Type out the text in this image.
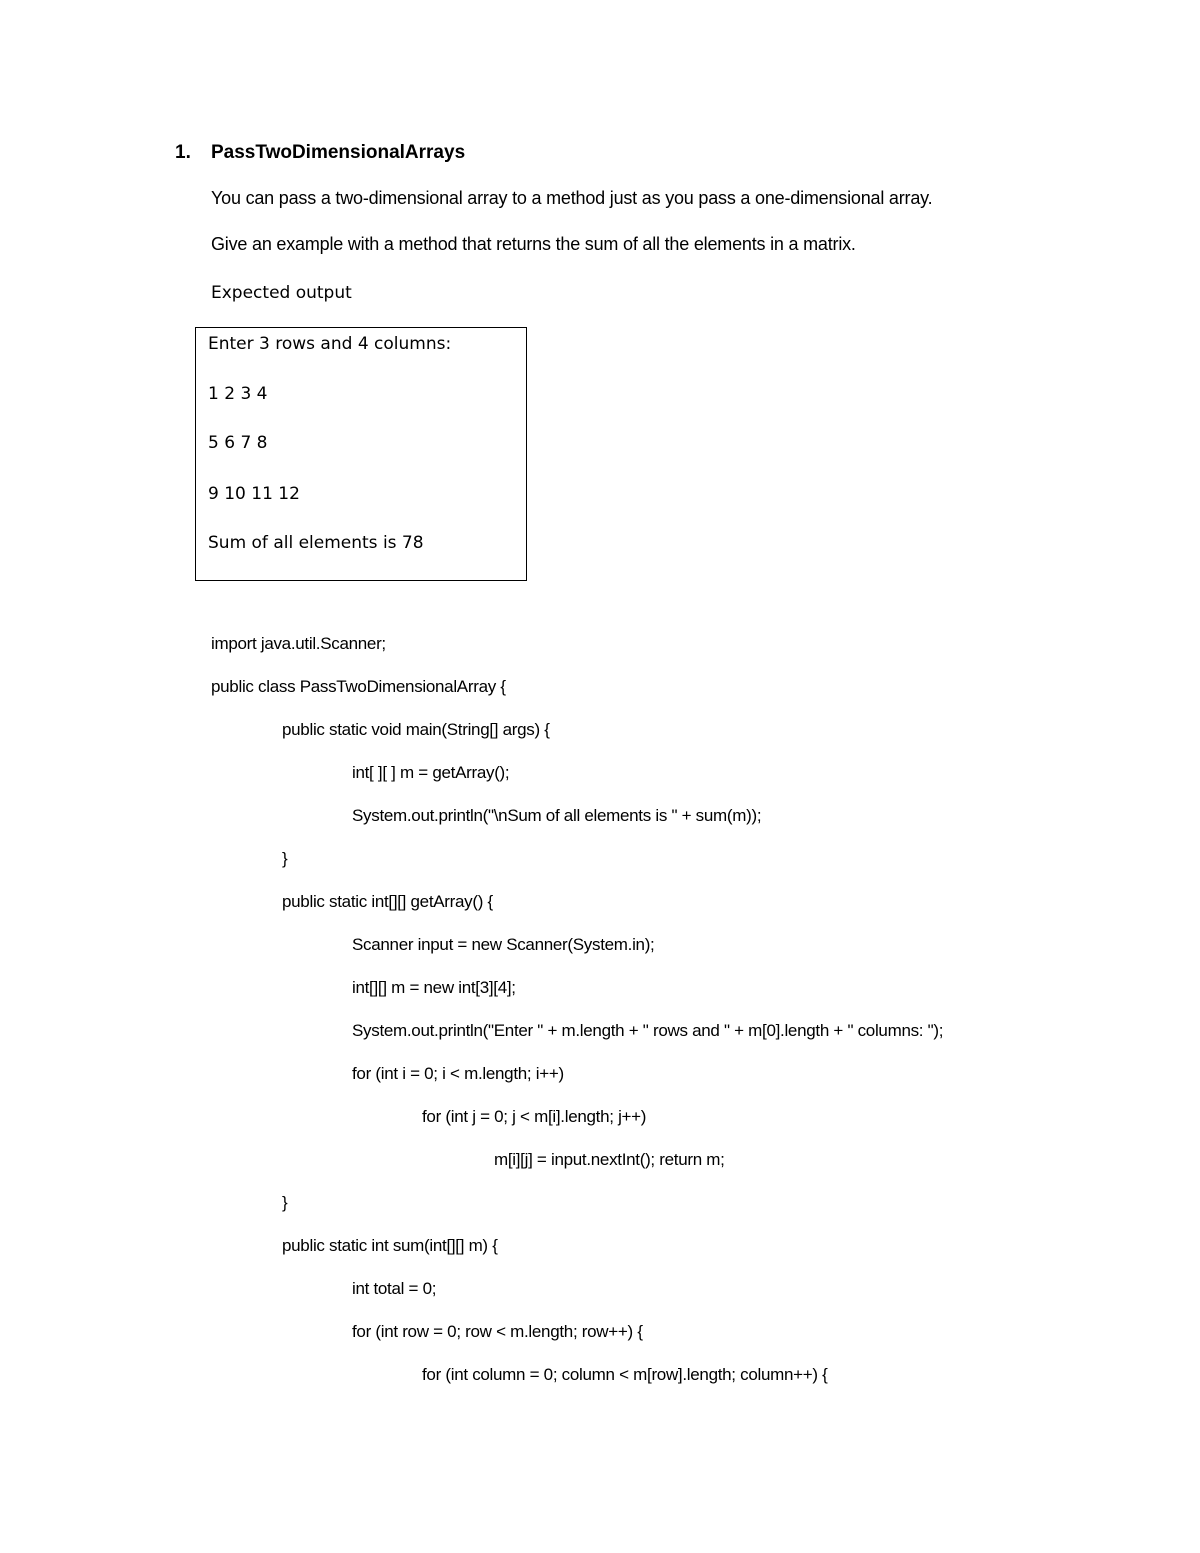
1. PassTwoDimensionalArrays
You can pass a two-dimensional array to a method just as you pass a one-dimensional array.
Give an example with a method that returns the sum of all the elements in a matrix.
Expected output
Enter 3 rows and 4 columns:
1 2 3 4
5 6 7 8
9 10 11 12
Sum of all elements is 78
import java.util.Scanner;
public class PassTwoDimensionalArray {
public static void main(String[] args) {
int[ ][ ] m = getArray();
System.out.println("\nSum of all elements is " + sum(m));
}
public static int[][] getArray() {
Scanner input = new Scanner(System.in);
int[][] m = new int[3][4];
System.out.println("Enter " + m.length + " rows and " + m[0].length + " columns: ");
for (int i = 0; i < m.length; i++)
for (int j = 0; j < m[i].length; j++)
m[i][j] = input.nextInt(); return m;
}
public static int sum(int[][] m) {
int total = 0;
for (int row = 0; row < m.length; row++) {
for (int column = 0; column < m[row].length; column++) {
